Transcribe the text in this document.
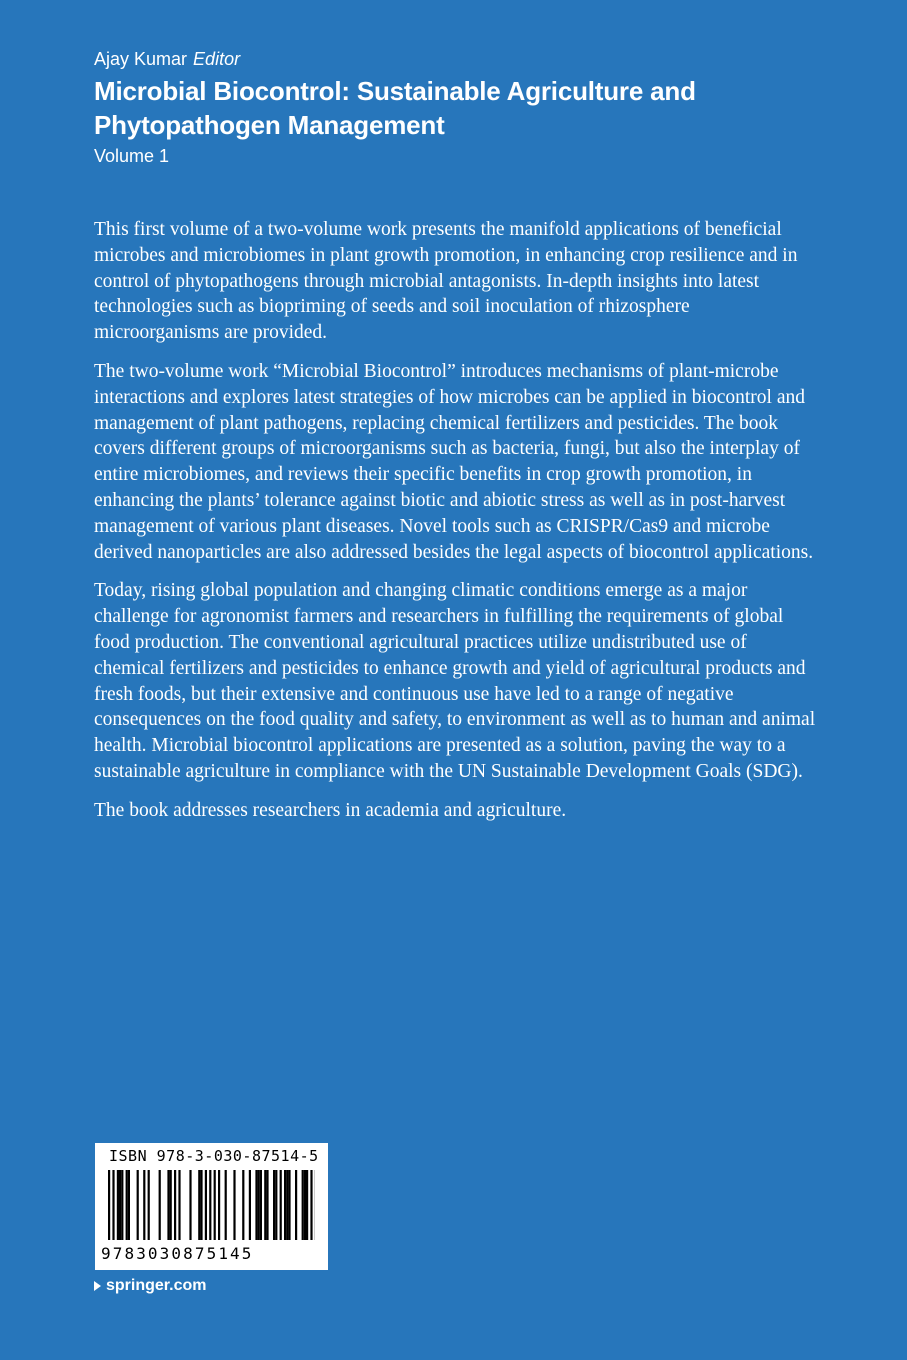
Ajay Kumar Editor

Microbial Biocontrol: Sustainable Agriculture and Phytopathogen Management

Volume 1

This first volume of a two-volume work presents the manifold applications of beneficial microbes and microbiomes in plant growth promotion, in enhancing crop resilience and in control of phytopathogens through microbial antagonists. In-depth insights into latest technologies such as biopriming of seeds and soil inoculation of rhizosphere microorganisms are provided.

The two-volume work “Microbial Biocontrol” introduces mechanisms of plant-microbe interactions and explores latest strategies of how microbes can be applied in biocontrol and management of plant pathogens, replacing chemical fertilizers and pesticides. The book covers different groups of microorganisms such as bacteria, fungi, but also the interplay of entire microbiomes, and reviews their specific benefits in crop growth promotion, in enhancing the plants’ tolerance against biotic and abiotic stress as well as in post-harvest management of various plant diseases. Novel tools such as CRISPR/Cas9 and microbe derived nanoparticles are also addressed besides the legal aspects of biocontrol applications.

Today, rising global population and changing climatic conditions emerge as a major challenge for agronomist farmers and researchers in fulfilling the requirements of global food production. The conventional agricultural practices utilize undistributed use of chemical fertilizers and pesticides to enhance growth and yield of agricultural products and fresh foods, but their extensive and continuous use have led to a range of negative consequences on the food quality and safety, to environment as well as to human and animal health. Microbial biocontrol applications are presented as a solution, paving the way to a sustainable agriculture in compliance with the UN Sustainable Development Goals (SDG).

The book addresses researchers in academia and agriculture.

ISBN 978-3-030-87514-5
9783030875145
springer.com
